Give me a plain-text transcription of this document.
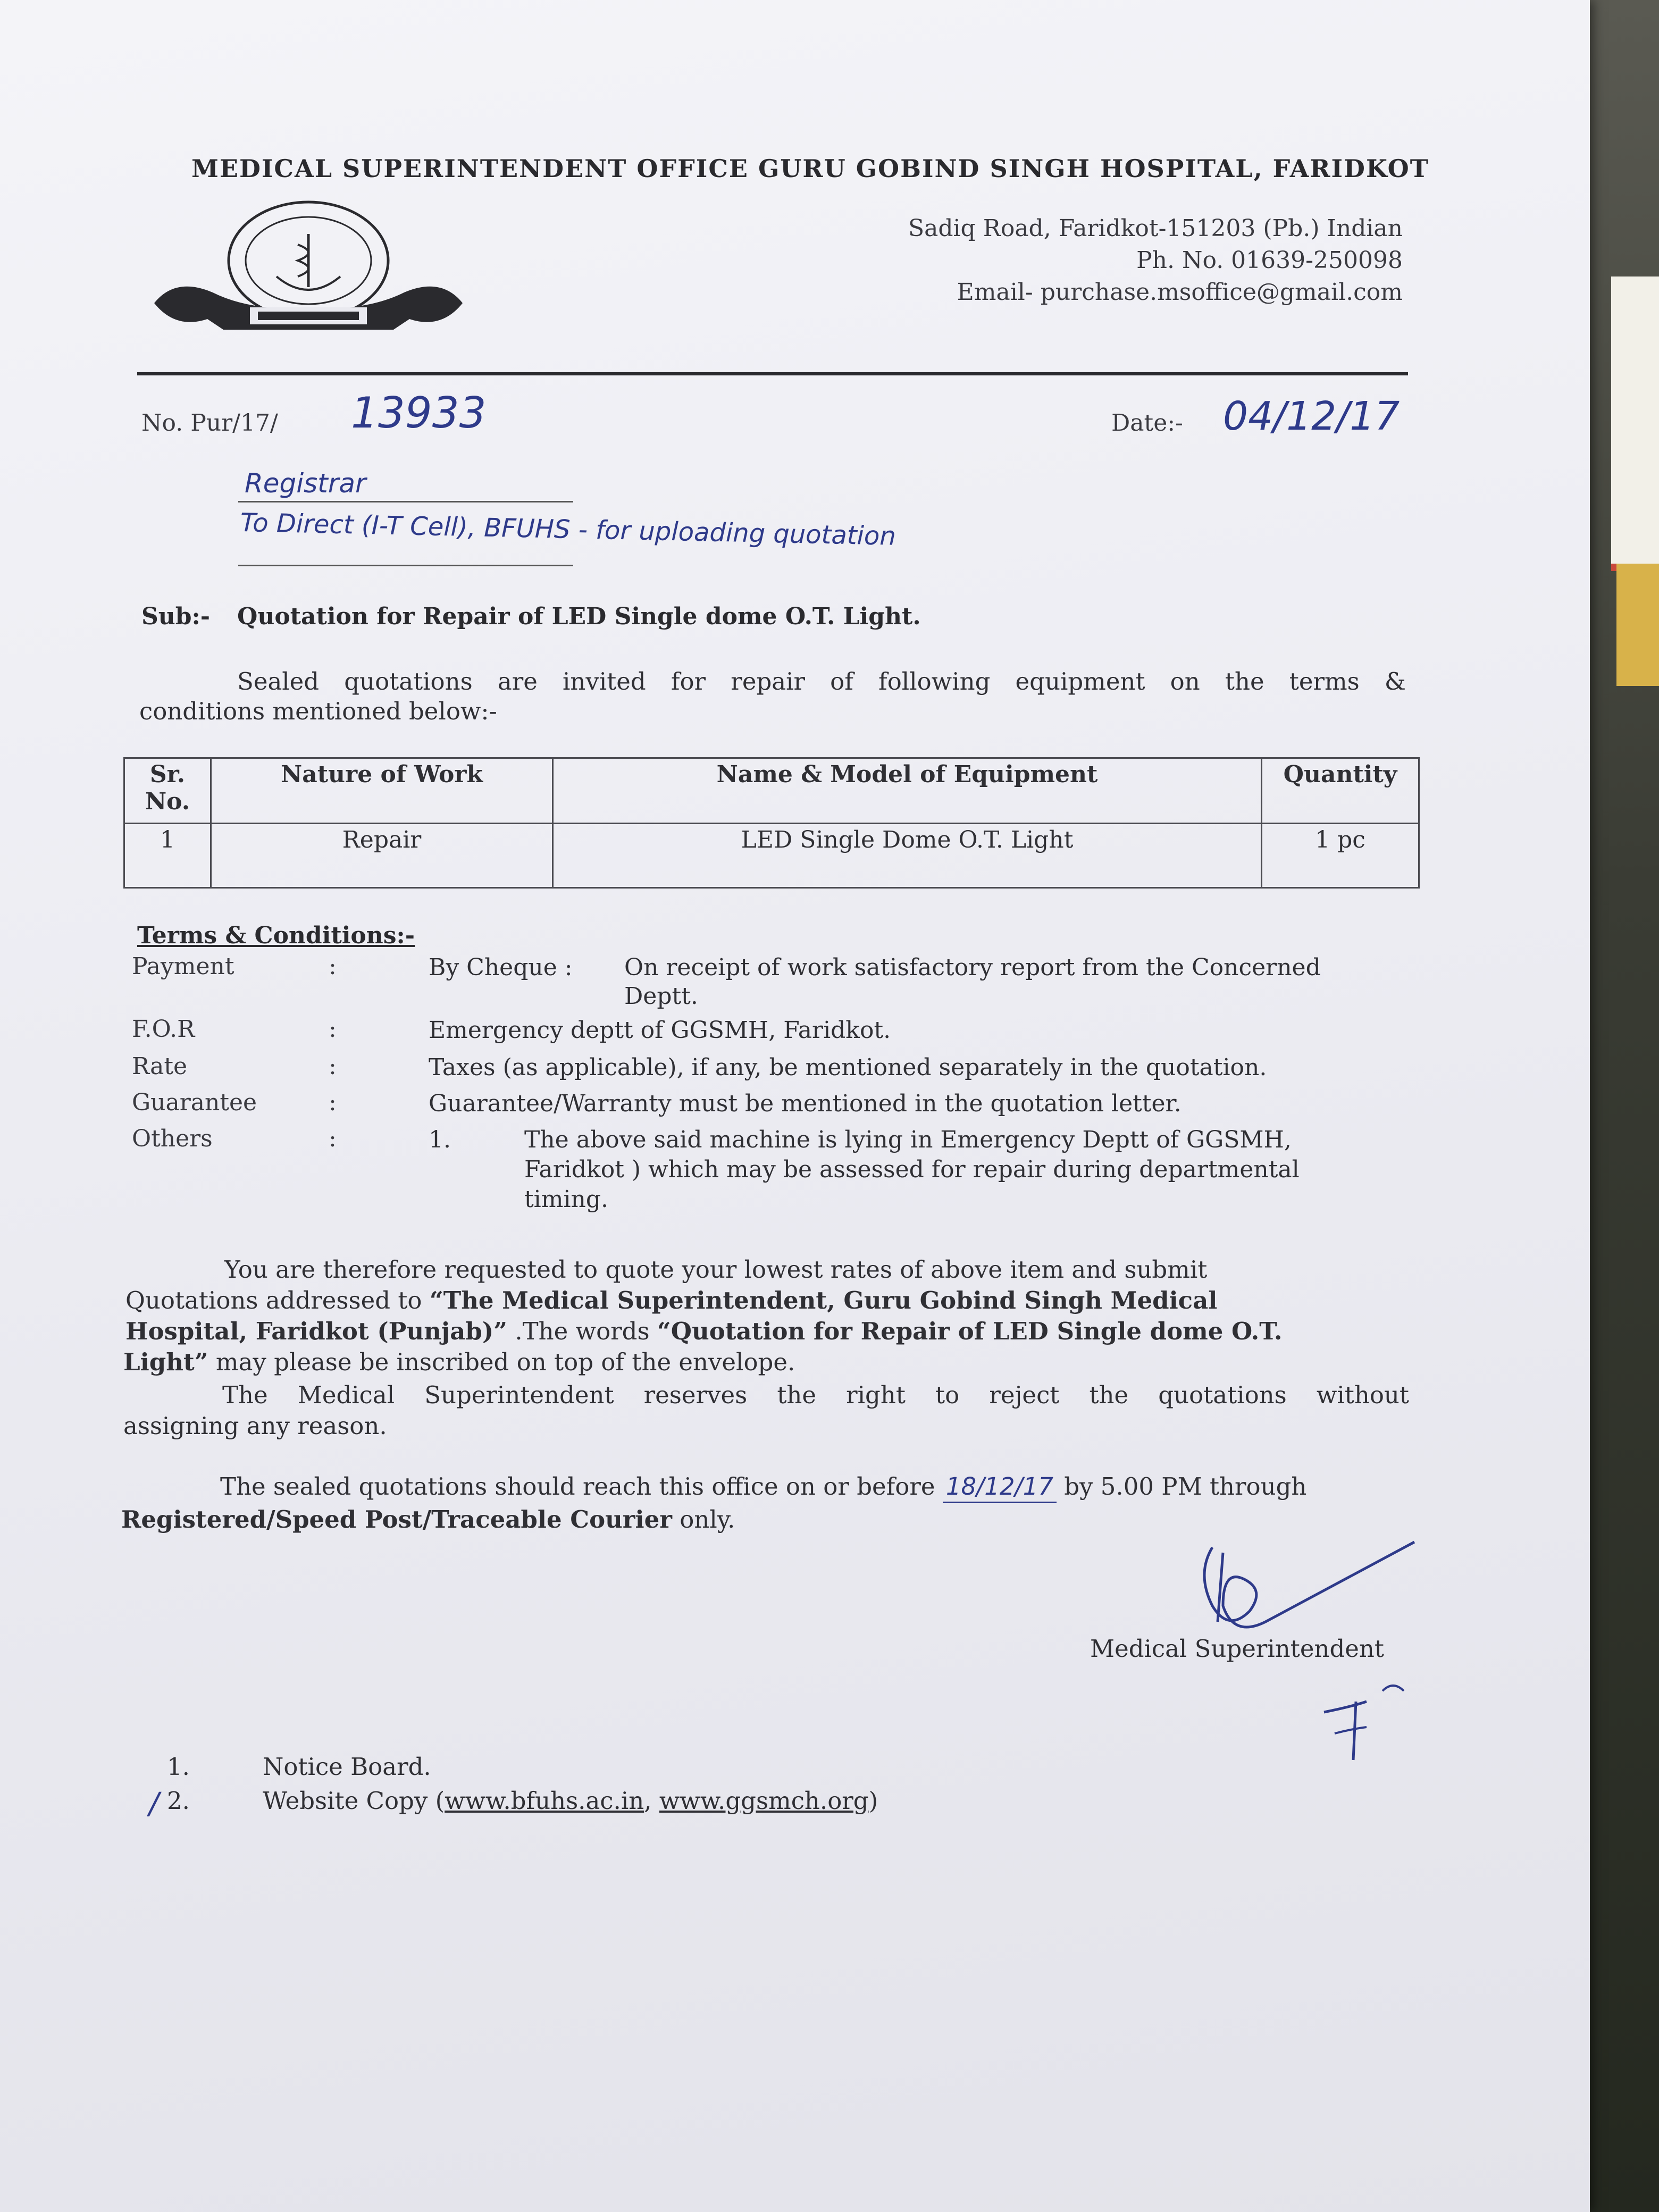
MEDICAL SUPERINTENDENT OFFICE GURU GOBIND SINGH HOSPITAL, FARIDKOT
Sadiq Road, Faridkot-151203 (Pb.) Indian
Ph. No. 01639-250098
Email- purchase.msoffice@gmail.com
No. Pur/17/ 13933	Date:- 04/12/17
Registrar
To Direct (I-T Cell), BFUHS - for uploading quotation
Sub:- Quotation for Repair of LED Single dome O.T. Light.
Sealed quotations are invited for repair of following equipment on the terms &
conditions mentioned below:-
Sr. No.	Nature of Work	Name & Model of Equipment	Quantity
1	Repair	LED Single Dome O.T. Light	1 pc
Terms & Conditions:-
Payment	:	By Cheque : On receipt of work satisfactory report from the Concerned
Deptt.
F.O.R	:	Emergency deptt of GGSMH, Faridkot.
Rate	:	Taxes (as applicable), if any, be mentioned separately in the quotation.
Guarantee	:	Guarantee/Warranty must be mentioned in the quotation letter.
Others	:	1.	The above said machine is lying in Emergency Deptt of GGSMH,
Faridkot ) which may be assessed for repair during departmental
timing.
You are therefore requested to quote your lowest rates of above item and submit
Quotations addressed to “The Medical Superintendent, Guru Gobind Singh Medical
Hospital, Faridkot (Punjab)” .The words “Quotation for Repair of LED Single dome O.T.
Light” may please be inscribed on top of the envelope.
The Medical Superintendent reserves the right to reject the quotations without
assigning any reason.
The sealed quotations should reach this office on or before 18/12/17 by 5.00 PM through
Registered/Speed Post/Traceable Courier only.
Medical Superintendent
1.	Notice Board.
2.
/	Website Copy (www.bfuhs.ac.in, www.ggsmch.org)
